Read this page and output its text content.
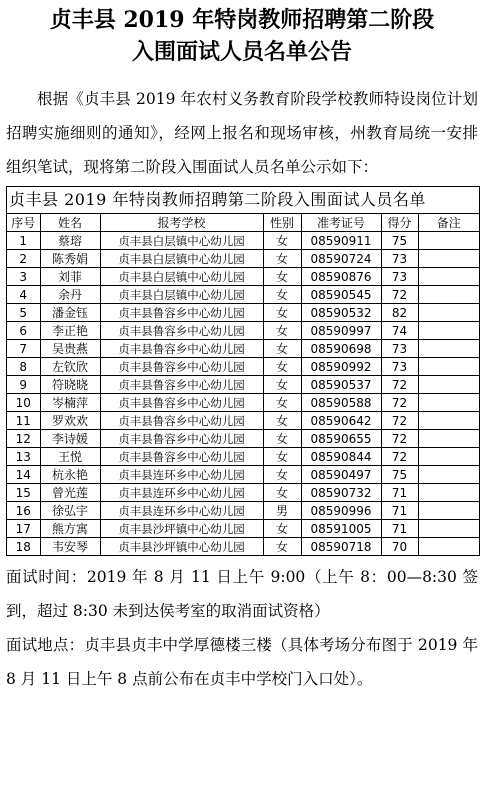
贞丰县 2019 年特岗教师招聘第二阶段
入围面试人员名单公告

根据《贞丰县 2019 年农村义务教育阶段学校教师特设岗位计划招聘实施细则的通知》，经网上报名和现场审核，州教育局统一安排组织笔试，现将第二阶段入围面试人员名单公示如下：

贞丰县 2019 年特岗教师招聘第二阶段入围面试人员名单
序号	姓名	报考学校	性别	准考证号	得分	备注
1	蔡瑢	贞丰县白层镇中心幼儿园	女	08590911	75	
2	陈秀娟	贞丰县白层镇中心幼儿园	女	08590724	73	
3	刘菲	贞丰县白层镇中心幼儿园	女	08590876	73	
4	余丹	贞丰县白层镇中心幼儿园	女	08590545	72	
5	潘金钰	贞丰县鲁容乡中心幼儿园	女	08590532	82	
6	李正艳	贞丰县鲁容乡中心幼儿园	女	08590997	74	
7	吴贵燕	贞丰县鲁容乡中心幼儿园	女	08590698	73	
8	左钦欣	贞丰县鲁容乡中心幼儿园	女	08590992	73	
9	符晓晓	贞丰县鲁容乡中心幼儿园	女	08590537	72	
10	岑楠萍	贞丰县鲁容乡中心幼儿园	女	08590588	72	
11	罗欢欢	贞丰县鲁容乡中心幼儿园	女	08590642	72	
12	李诗媛	贞丰县鲁容乡中心幼儿园	女	08590655	72	
13	王悦	贞丰县鲁容乡中心幼儿园	女	08590844	72	
14	杭永艳	贞丰县连环乡中心幼儿园	女	08590497	75	
15	曾光莲	贞丰县连环乡中心幼儿园	女	08590732	71	
16	徐弘宇	贞丰县连环乡中心幼儿园	男	08590996	71	
17	熊方寓	贞丰县沙坪镇中心幼儿园	女	08591005	71	
18	韦安琴	贞丰县沙坪镇中心幼儿园	女	08590718	70	

面试时间：2019 年 8 月 11 日上午 9:00（上午 8：00—8:30 签到，超过 8:30 未到达侯考室的取消面试资格）

面试地点：贞丰县贞丰中学厚德楼三楼（具体考场分布图于 2019 年 8 月 11 日上午 8 点前公布在贞丰中学校门入口处）。
